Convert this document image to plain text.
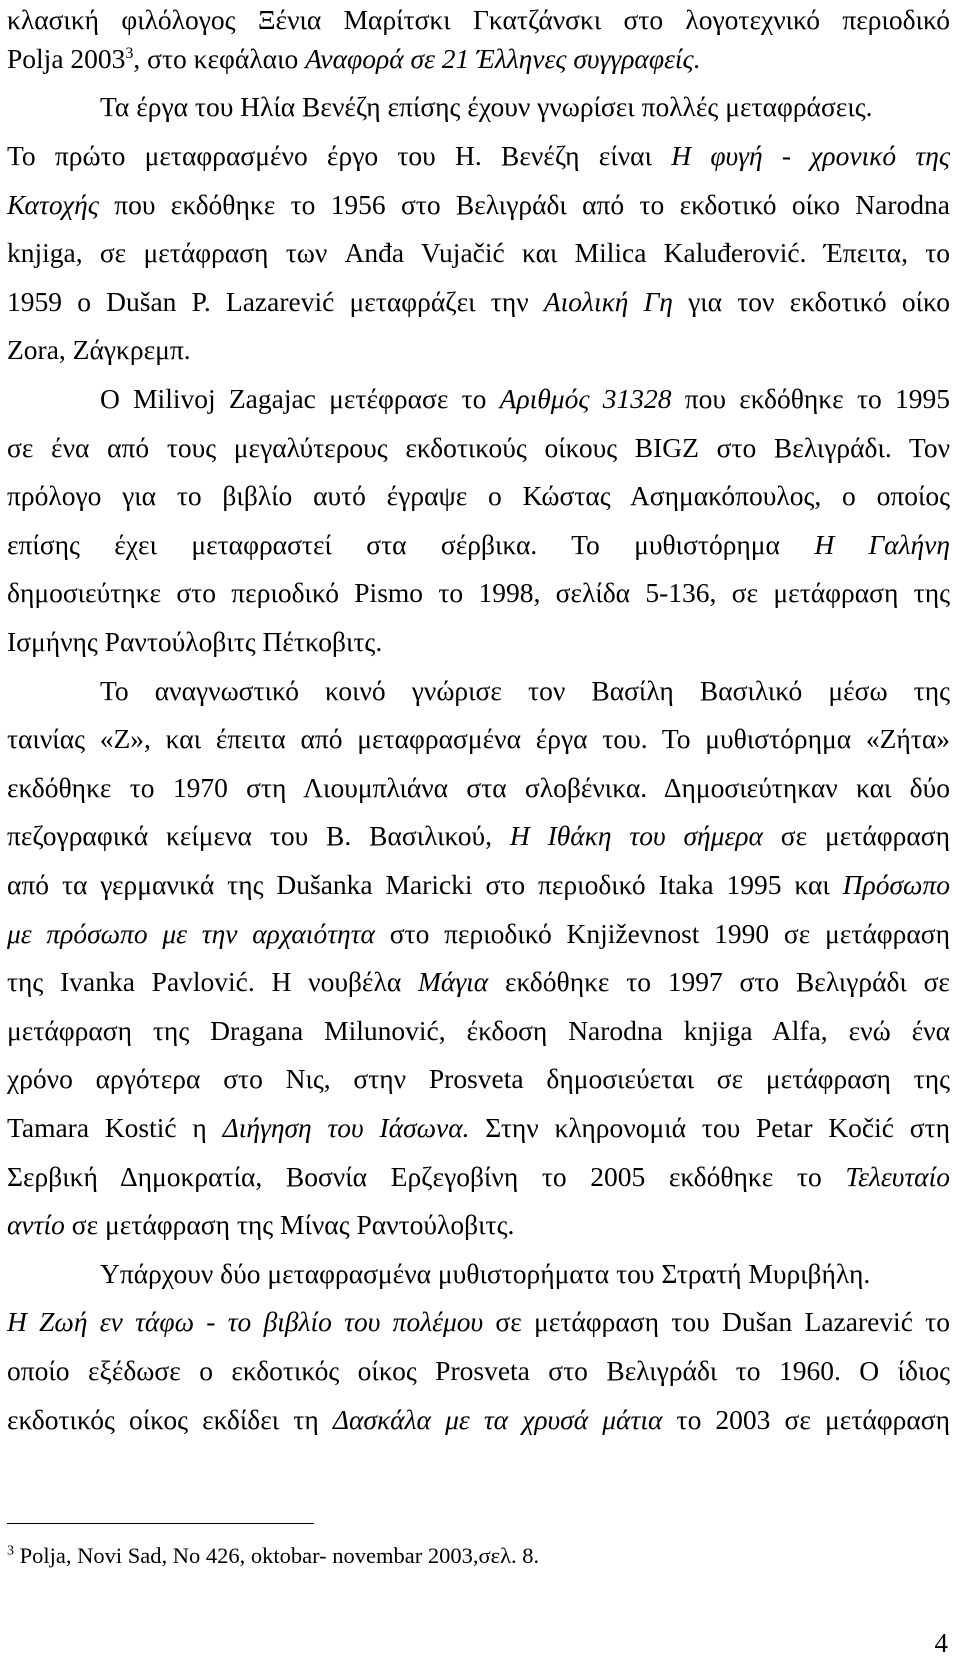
κλασική φιλόλογος Ξένια Μαρίτσκι Γκατζάνσκι στο λογοτεχνικό περιοδικό
Polja 2003$^3$, στο κεφάλαιο Αναφορά σε 21 Έλληνες συγγραφείς.
Τα έργα του Ηλία Βενέζη επίσης έχουν γνωρίσει πολλές μεταφράσεις.
Το πρώτο μεταφρασμένο έργο του Η. Βενέζη είναι Η φυγή - χρονικό της
Κατοχής που εκδόθηκε το 1956 στο Βελιγράδι από το εκδοτικό οίκο Narodna
knjiga, σε μετάφραση των Anđa Vujačić και Milica Kaluđerović. Έπειτα, το
1959 ο Dušan P. Lazarević μεταφράζει την Αιολική Γη για τον εκδοτικό οίκο
Zora, Ζάγκρεμπ.
Ο Milivoj Zagajac μετέφρασε το Αριθμός 31328 που εκδόθηκε το 1995
σε ένα από τους μεγαλύτερους εκδοτικούς οίκους BIGZ στο Βελιγράδι. Τον
πρόλογο για το βιβλίο αυτό έγραψε ο Κώστας Ασημακόπουλος, ο οποίος
επίσης έχει μεταφραστεί στα σέρβικα. Το μυθιστόρημα Η Γαλήνη
δημοσιεύτηκε στο περιοδικό Pismo το 1998, σελίδα 5-136, σε μετάφραση της
Ισμήνης Ραντούλοβιτς Πέτκοβιτς.
Το αναγνωστικό κοινό γνώρισε τον Βασίλη Βασιλικό μέσω της
ταινίας «Ζ», και έπειτα από μεταφρασμένα έργα του. Το μυθιστόρημα «Ζήτα»
εκδόθηκε το 1970 στη Λιουμπλιάνα στα σλοβένικα. Δημοσιεύτηκαν και δύο
πεζογραφικά κείμενα του Β. Βασιλικού, Η Ιθάκη του σήμερα σε μετάφραση
από τα γερμανικά της Dušanka Maricki στο περιοδικό Itaka 1995 και Πρόσωπο
με πρόσωπο με την αρχαιότητα στο περιοδικό Književnost 1990 σε μετάφραση
της Ivanka Pavlović. Η νουβέλα Μάγια εκδόθηκε το 1997 στο Βελιγράδι σε
μετάφραση της Dragana Milunović, έκδοση Narodna knjiga Alfa, ενώ ένα
χρόνο αργότερα στο Νις, στην Prosveta δημοσιεύεται σε μετάφραση της
Tamara Kostić η Διήγηση του Ιάσωνα. Στην κληρονομιά του Petar Kočić στη
Σερβική Δημοκρατία, Βοσνία Ερζεγοβίνη το 2005 εκδόθηκε το Τελευταίο
αντίο σε μετάφραση της Μίνας Ραντούλοβιτς.
Υπάρχουν δύο μεταφρασμένα μυθιστορήματα του Στρατή Μυριβήλη.
Η Ζωή εν τάφω - το βιβλίο του πολέμου σε μετάφραση του Dušan Lazarević το
οποίο εξέδωσε ο εκδοτικός οίκος Prosveta στο Βελιγράδι το 1960. Ο ίδιος
εκδοτικός οίκος εκδίδει τη Δασκάλα με τα χρυσά μάτια το 2003 σε μετάφραση
$^3$ Polja, Novi Sad, No 426, oktobar- novembar 2003,σελ. 8.
4
